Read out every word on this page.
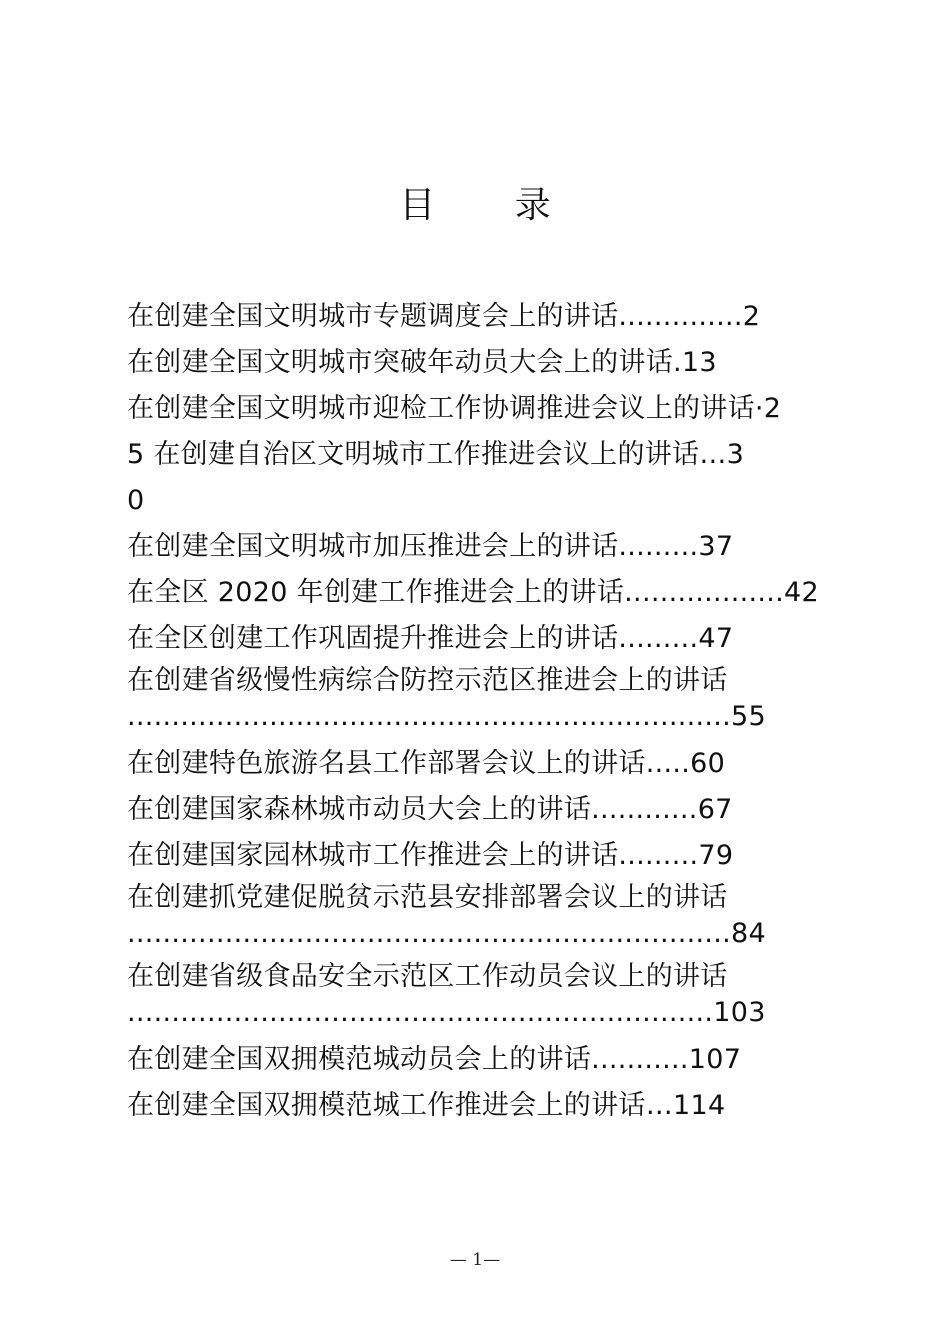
目 录
在创建全国文明城市专题调度会上的讲话..............2
在创建全国文明城市突破年动员大会上的讲话.13
在创建全国文明城市迎检工作协调推进会议上的讲话·2
5 在创建自治区文明城市工作推进会议上的讲话…3
0
在创建全国文明城市加压推进会上的讲话.........37
在全区 2020 年创建工作推进会上的讲话..................42
在全区创建工作巩固提升推进会上的讲话.........47
在创建省级慢性病综合防控示范区推进会上的讲话
....................................................................55
在创建特色旅游名县工作部署会议上的讲话.....60
在创建国家森林城市动员大会上的讲话............67
在创建国家园林城市工作推进会上的讲话.........79
在创建抓党建促脱贫示范县安排部署会议上的讲话
....................................................................84
在创建省级食品安全示范区工作动员会议上的讲话
..................................................................103
在创建全国双拥模范城动员会上的讲话...........107
在创建全国双拥模范城工作推进会上的讲话…114
— 1—
